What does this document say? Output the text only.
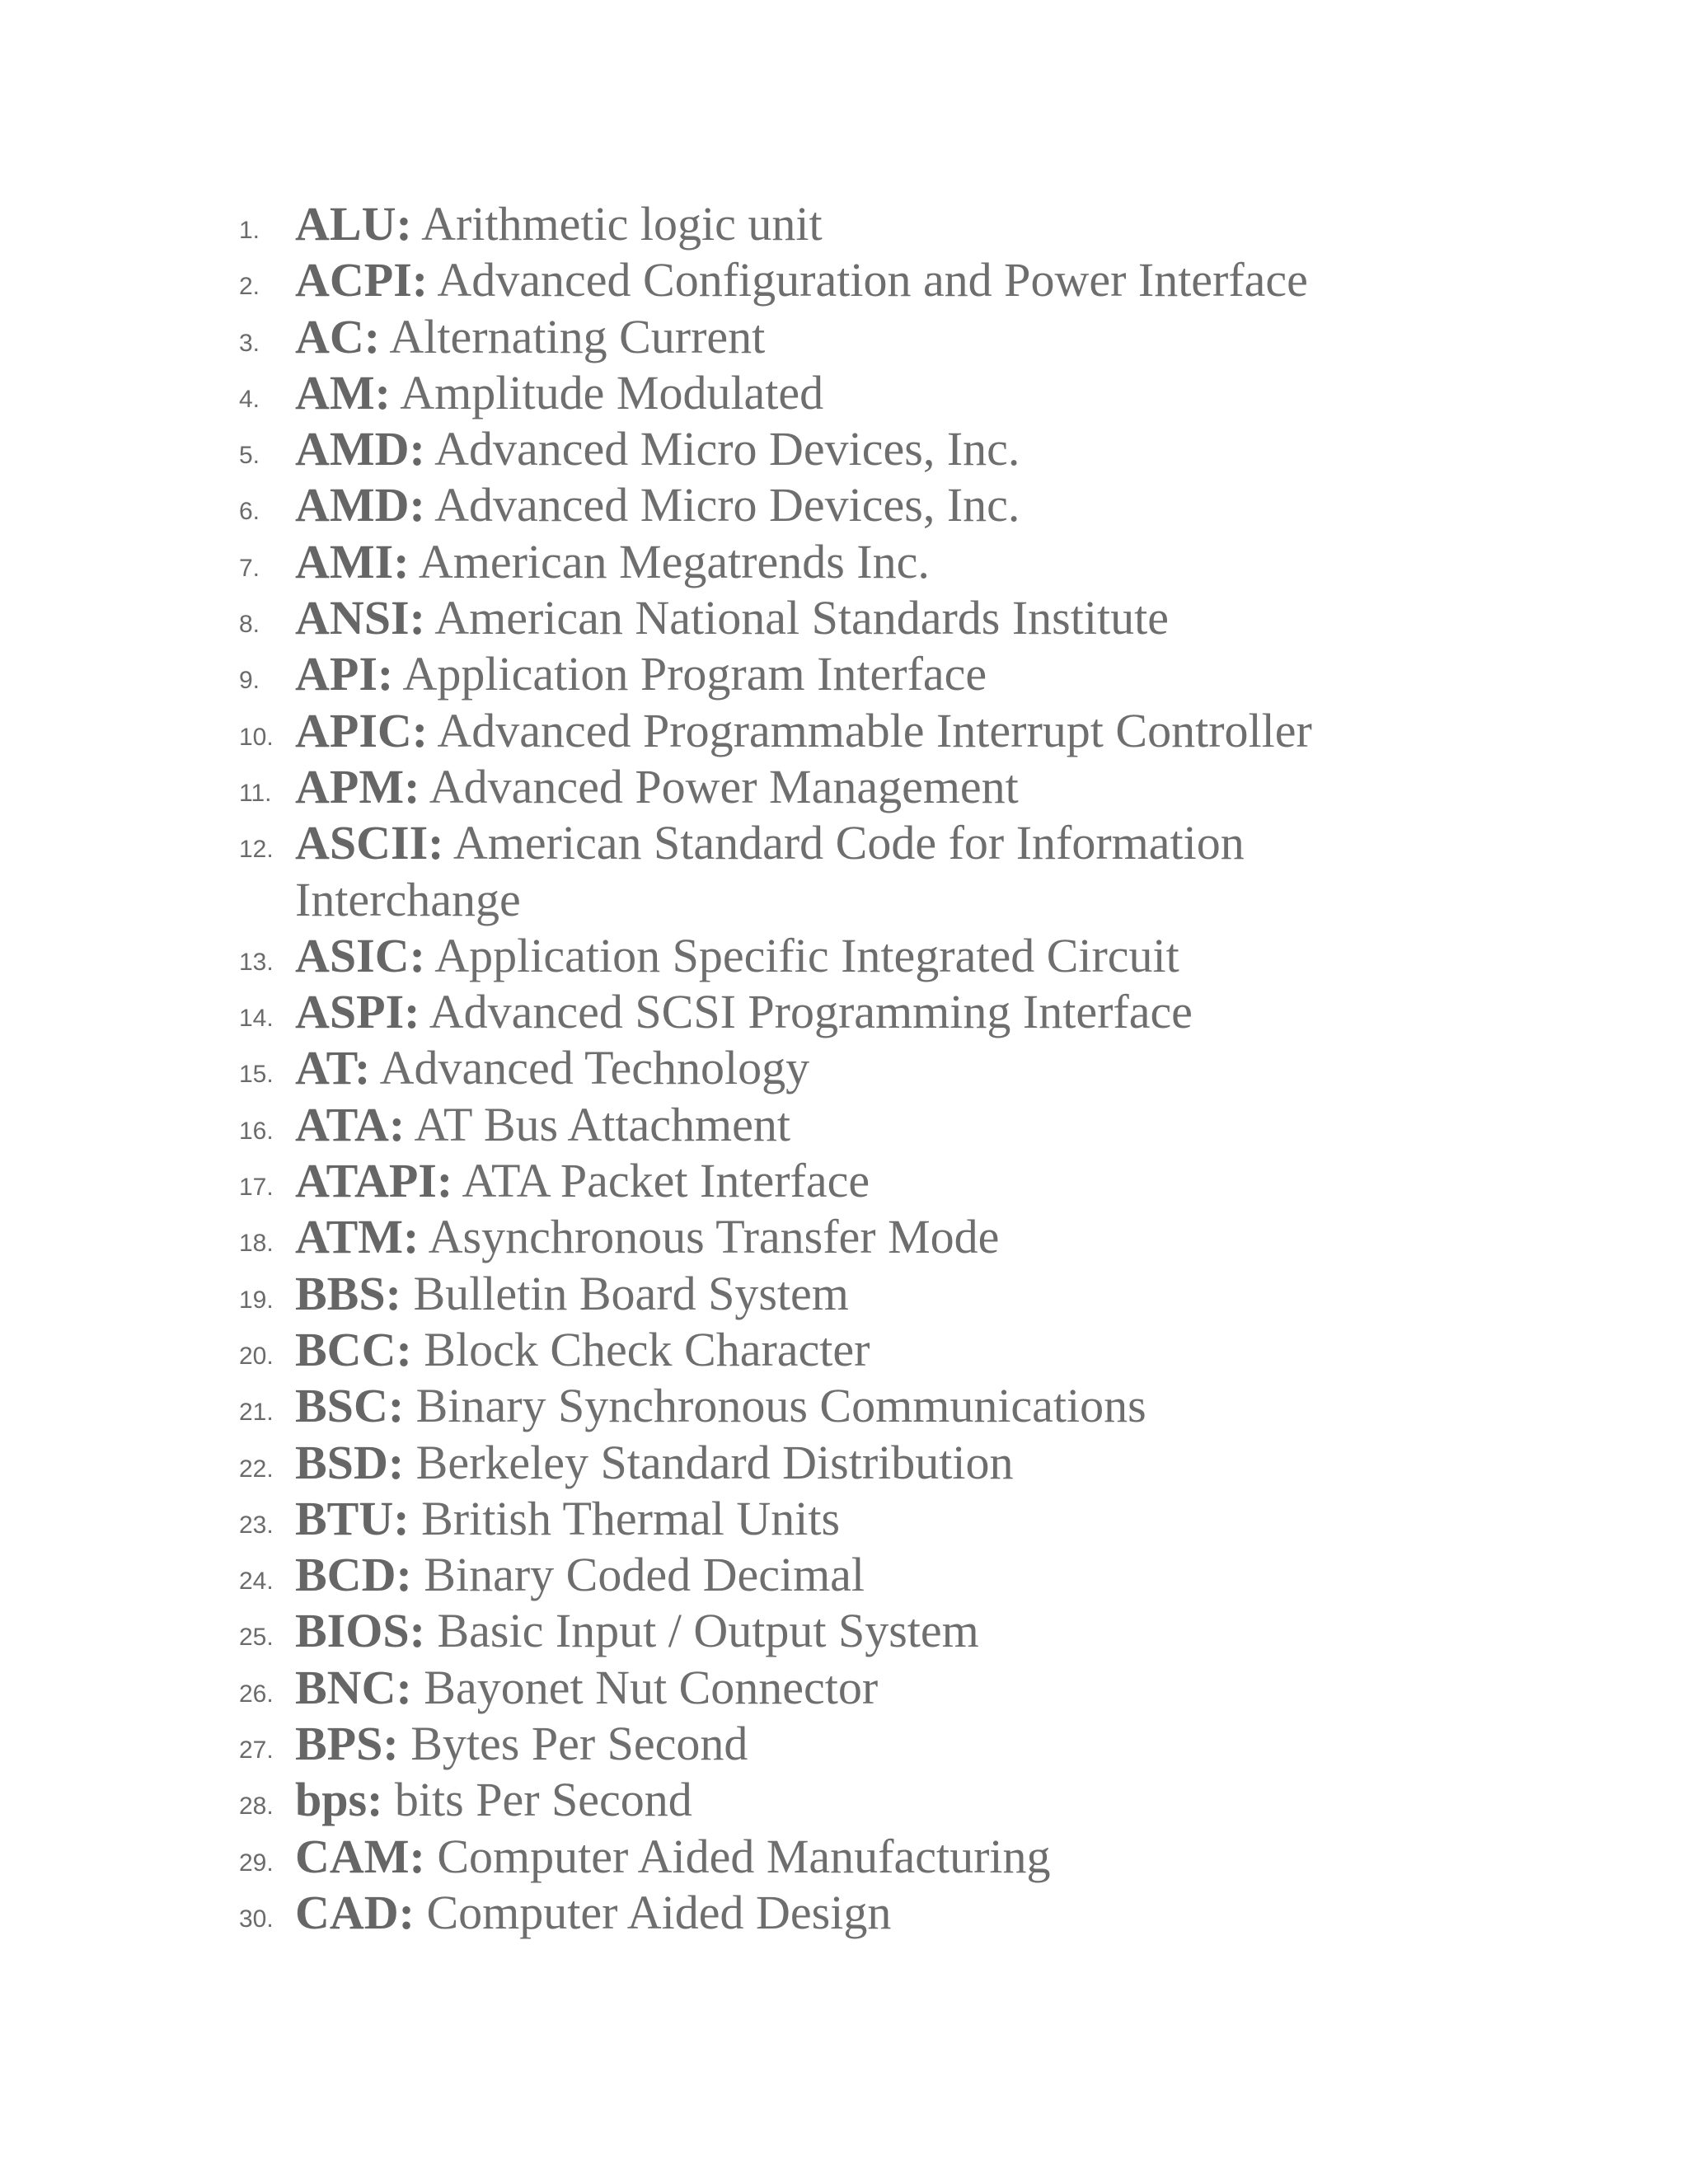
1. ALU: Arithmetic logic unit
2. ACPI: Advanced Configuration and Power Interface
3. AC: Alternating Current
4. AM: Amplitude Modulated
5. AMD: Advanced Micro Devices, Inc.
6. AMD: Advanced Micro Devices, Inc.
7. AMI: American Megatrends Inc.
8. ANSI: American National Standards Institute
9. API: Application Program Interface
10. APIC: Advanced Programmable Interrupt Controller
11. APM: Advanced Power Management
12. ASCII: American Standard Code for Information Interchange
13. ASIC: Application Specific Integrated Circuit
14. ASPI: Advanced SCSI Programming Interface
15. AT: Advanced Technology
16. ATA: AT Bus Attachment
17. ATAPI: ATA Packet Interface
18. ATM: Asynchronous Transfer Mode
19. BBS: Bulletin Board System
20. BCC: Block Check Character
21. BSC: Binary Synchronous Communications
22. BSD: Berkeley Standard Distribution
23. BTU: British Thermal Units
24. BCD: Binary Coded Decimal
25. BIOS: Basic Input / Output System
26. BNC: Bayonet Nut Connector
27. BPS: Bytes Per Second
28. bps: bits Per Second
29. CAM: Computer Aided Manufacturing
30. CAD: Computer Aided Design
